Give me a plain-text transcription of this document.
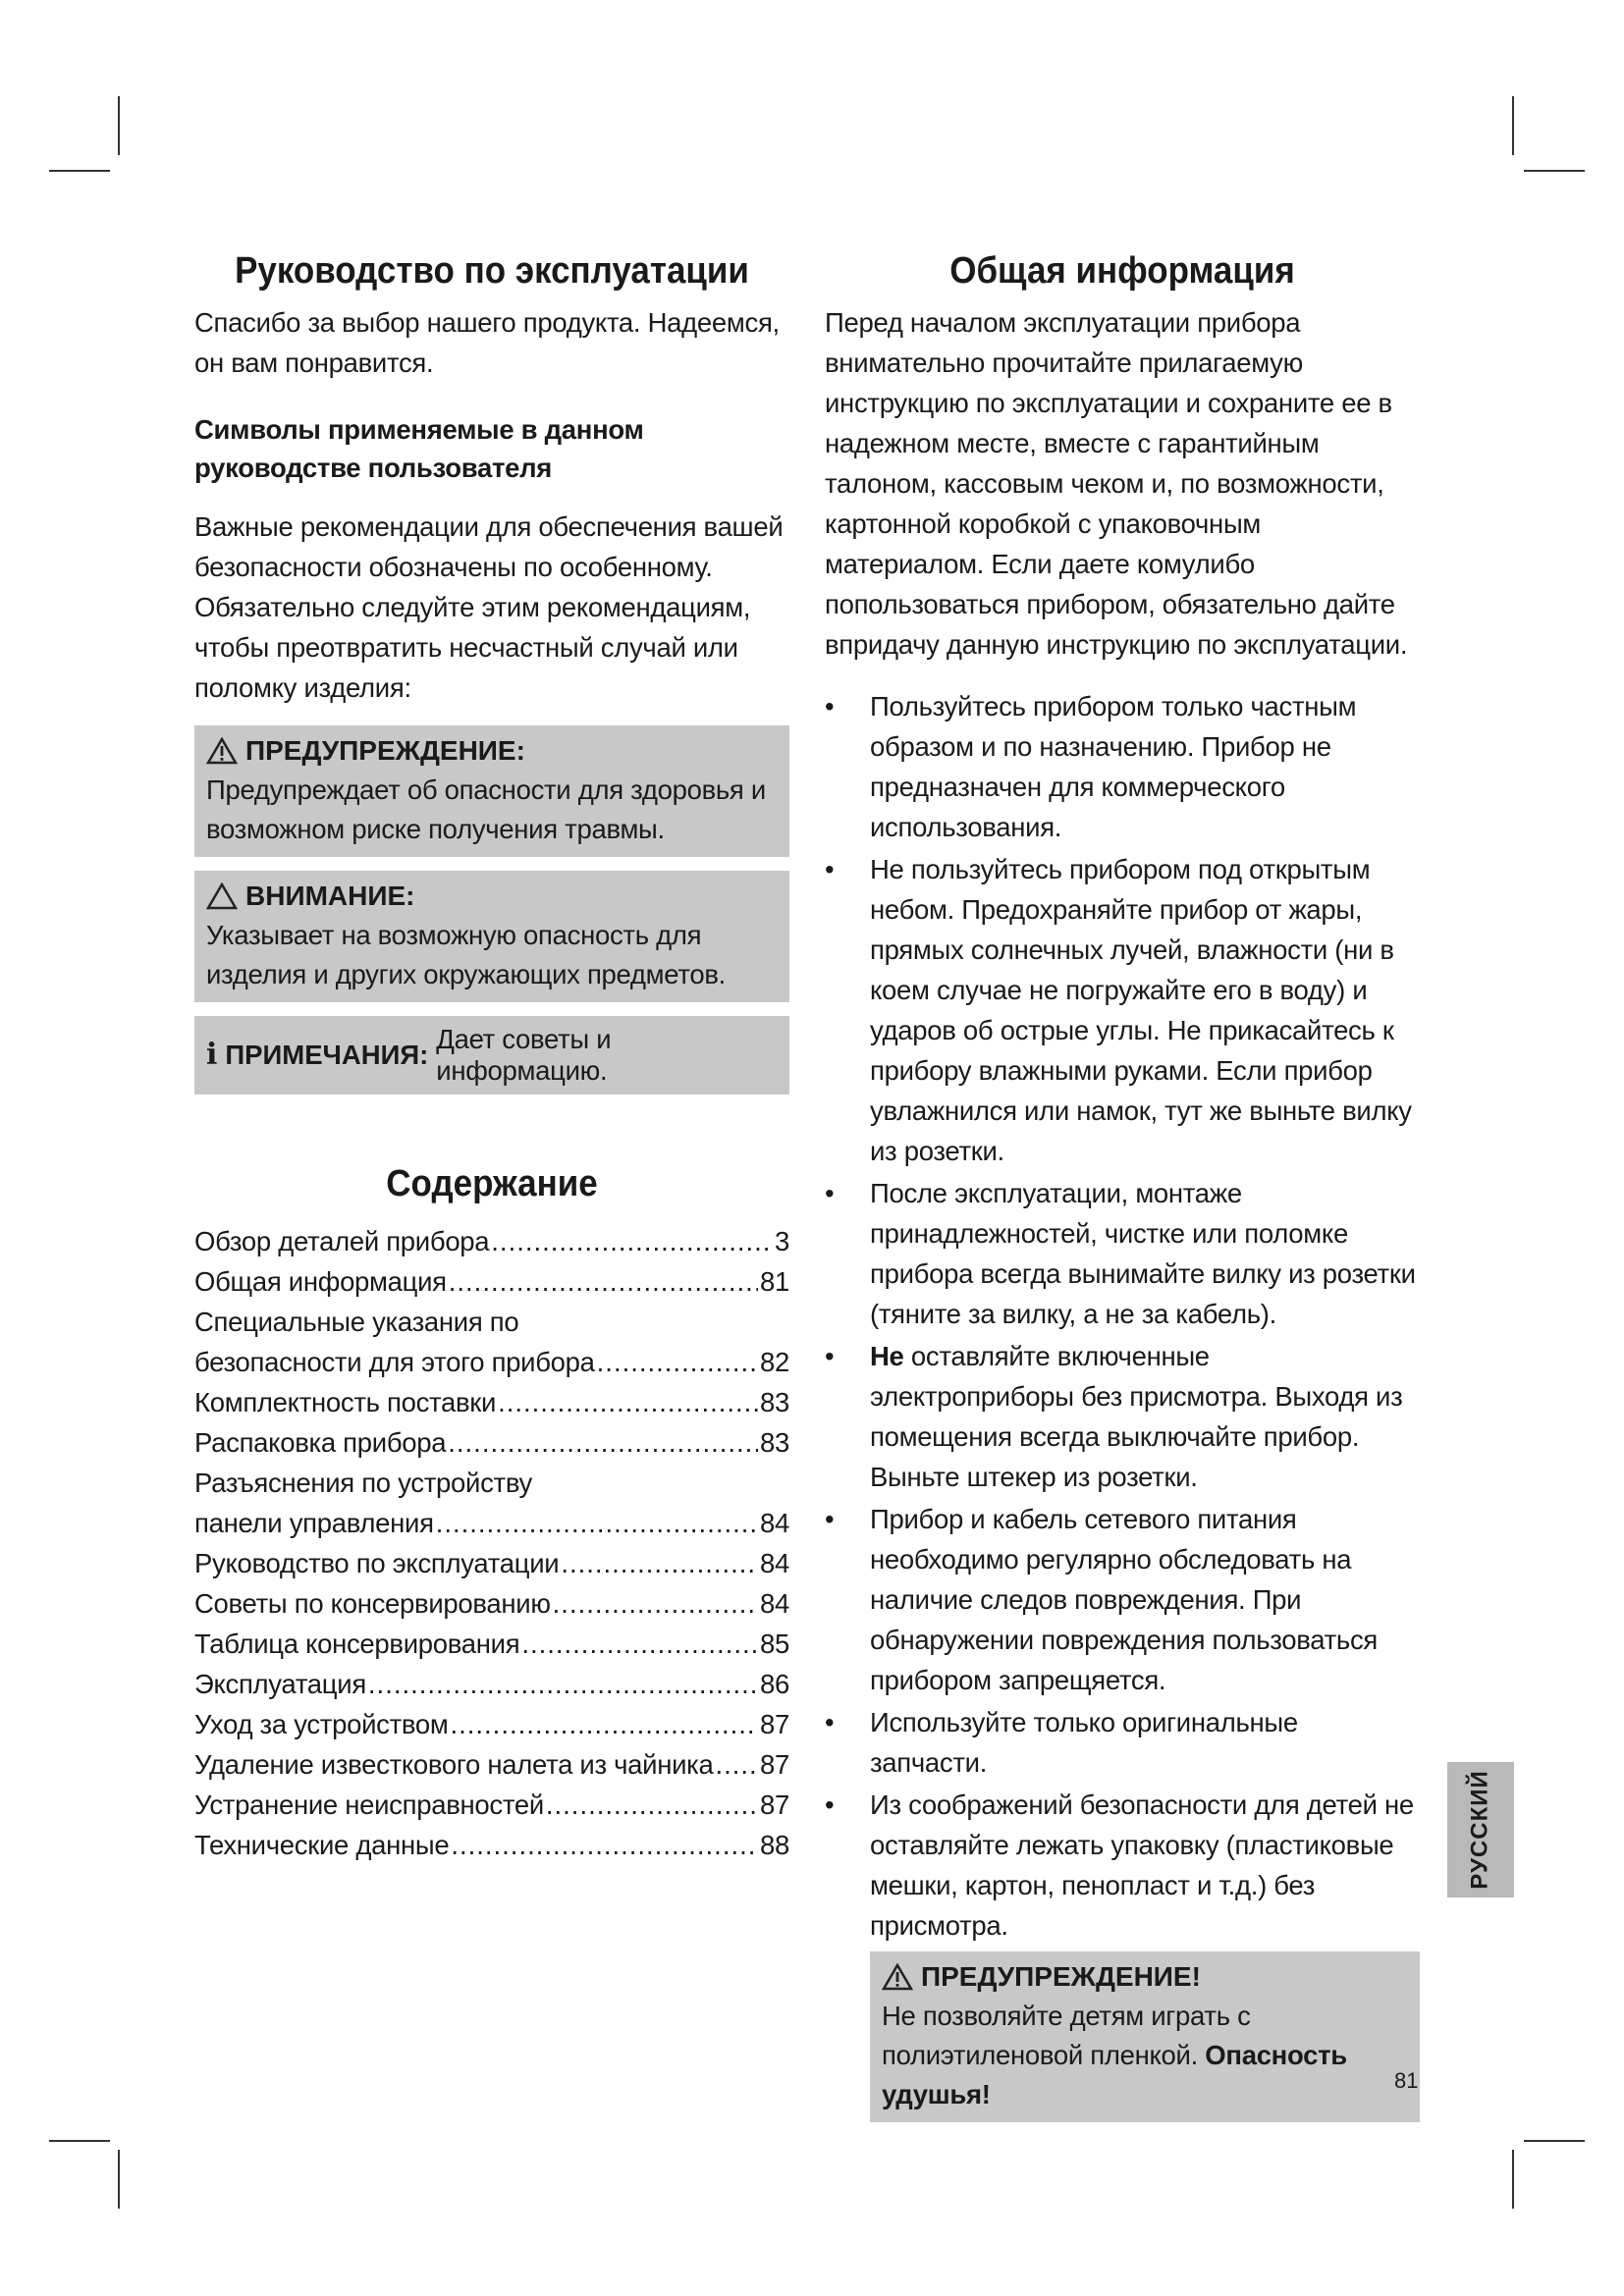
Руководство по эксплуатации

Спасибо за выбор нашего продукта. Надеемся, он вам понравится.

Символы применяемые в данном руководстве пользователя

Важные рекомендации для обеспечения вашей безопасности обозначены по особенному. Обязательно следуйте этим рекомендациям, чтобы преотвратить несчастный случай или поломку изделия:

ПРЕДУПРЕЖДЕНИЕ:
Предупреждает об опасности для здоровья и возможном риске получения травмы.
ВНИМАНИЕ:
Указывает на возможную опасность для изделия и других окружающих предметов.
i ПРИМЕЧАНИЯ:
Дает советы и информацию.
Содержание
Обзор деталей прибора .....	3
Общая информация .....	81
Специальные указания по
безопасности для этого прибора .....	82
Комплектность поставки .....	83
Распаковка прибора .....	83
Разъяснения по устройству
панели управления .....	84
Руководство по эксплуатации .....	84
Советы по консервированию .....	84
Таблица консервирования .....	85
Эксплуатация .....	86
Уход за устройством .....	87
Удаление известкового налета из чайника ..... 87
Устранение неисправностей .....	87
Технические данные .....	88
Общая информация

Перед началом эксплуатации прибора внимательно прочитайте прилагаемую инструкцию по эксплуатации и сохраните ее в надежном месте, вместе с гарантийным талоном, кассовым чеком и, по возможности, картонной коробкой с упаковочным материалом. Если даете комулибо попользоваться прибором, обязательно дайте впридачу данную инструкцию по эксплуатации.

• Пользуйтесь прибором только частным образом и по назначению. Прибор не предназначен для коммерческого использования.
• Не пользуйтесь прибором под открытым небом. Предохраняйте прибор от жары, прямых солнечных лучей, влажности (ни в коем случае не погружайте его в воду) и ударов об острые углы. Не прикасайтесь к прибору влажными руками. Если прибор увлажнился или намок, тут же выньте вилку из розетки.
• После эксплуатации, монтаже принадлежностей, чистке или поломке прибора всегда вынимайте вилку из розетки (тяните за вилку, а не за кабель).
• Не оставляйте включенные электроприборы без присмотра. Выходя из помещения всегда выключайте прибор. Выньте штекер из розетки.
• Прибор и кабель сетевого питания необходимо регулярно обследовать на наличие следов повреждения. При обнаружении повреждения пользоваться прибором запрещяется.
• Используйте только оригинальные запчасти.
• Из соображений безопасности для детей не оставляйте лежать упаковку (пластиковые мешки, картон, пенопласт и т.д.) без присмотра.
ПРЕДУПРЕЖДЕНИЕ!
Не позволяйте детям играть с полиэтиленовой пленкой. Опасность удушья!
РУССКИЙ
81
